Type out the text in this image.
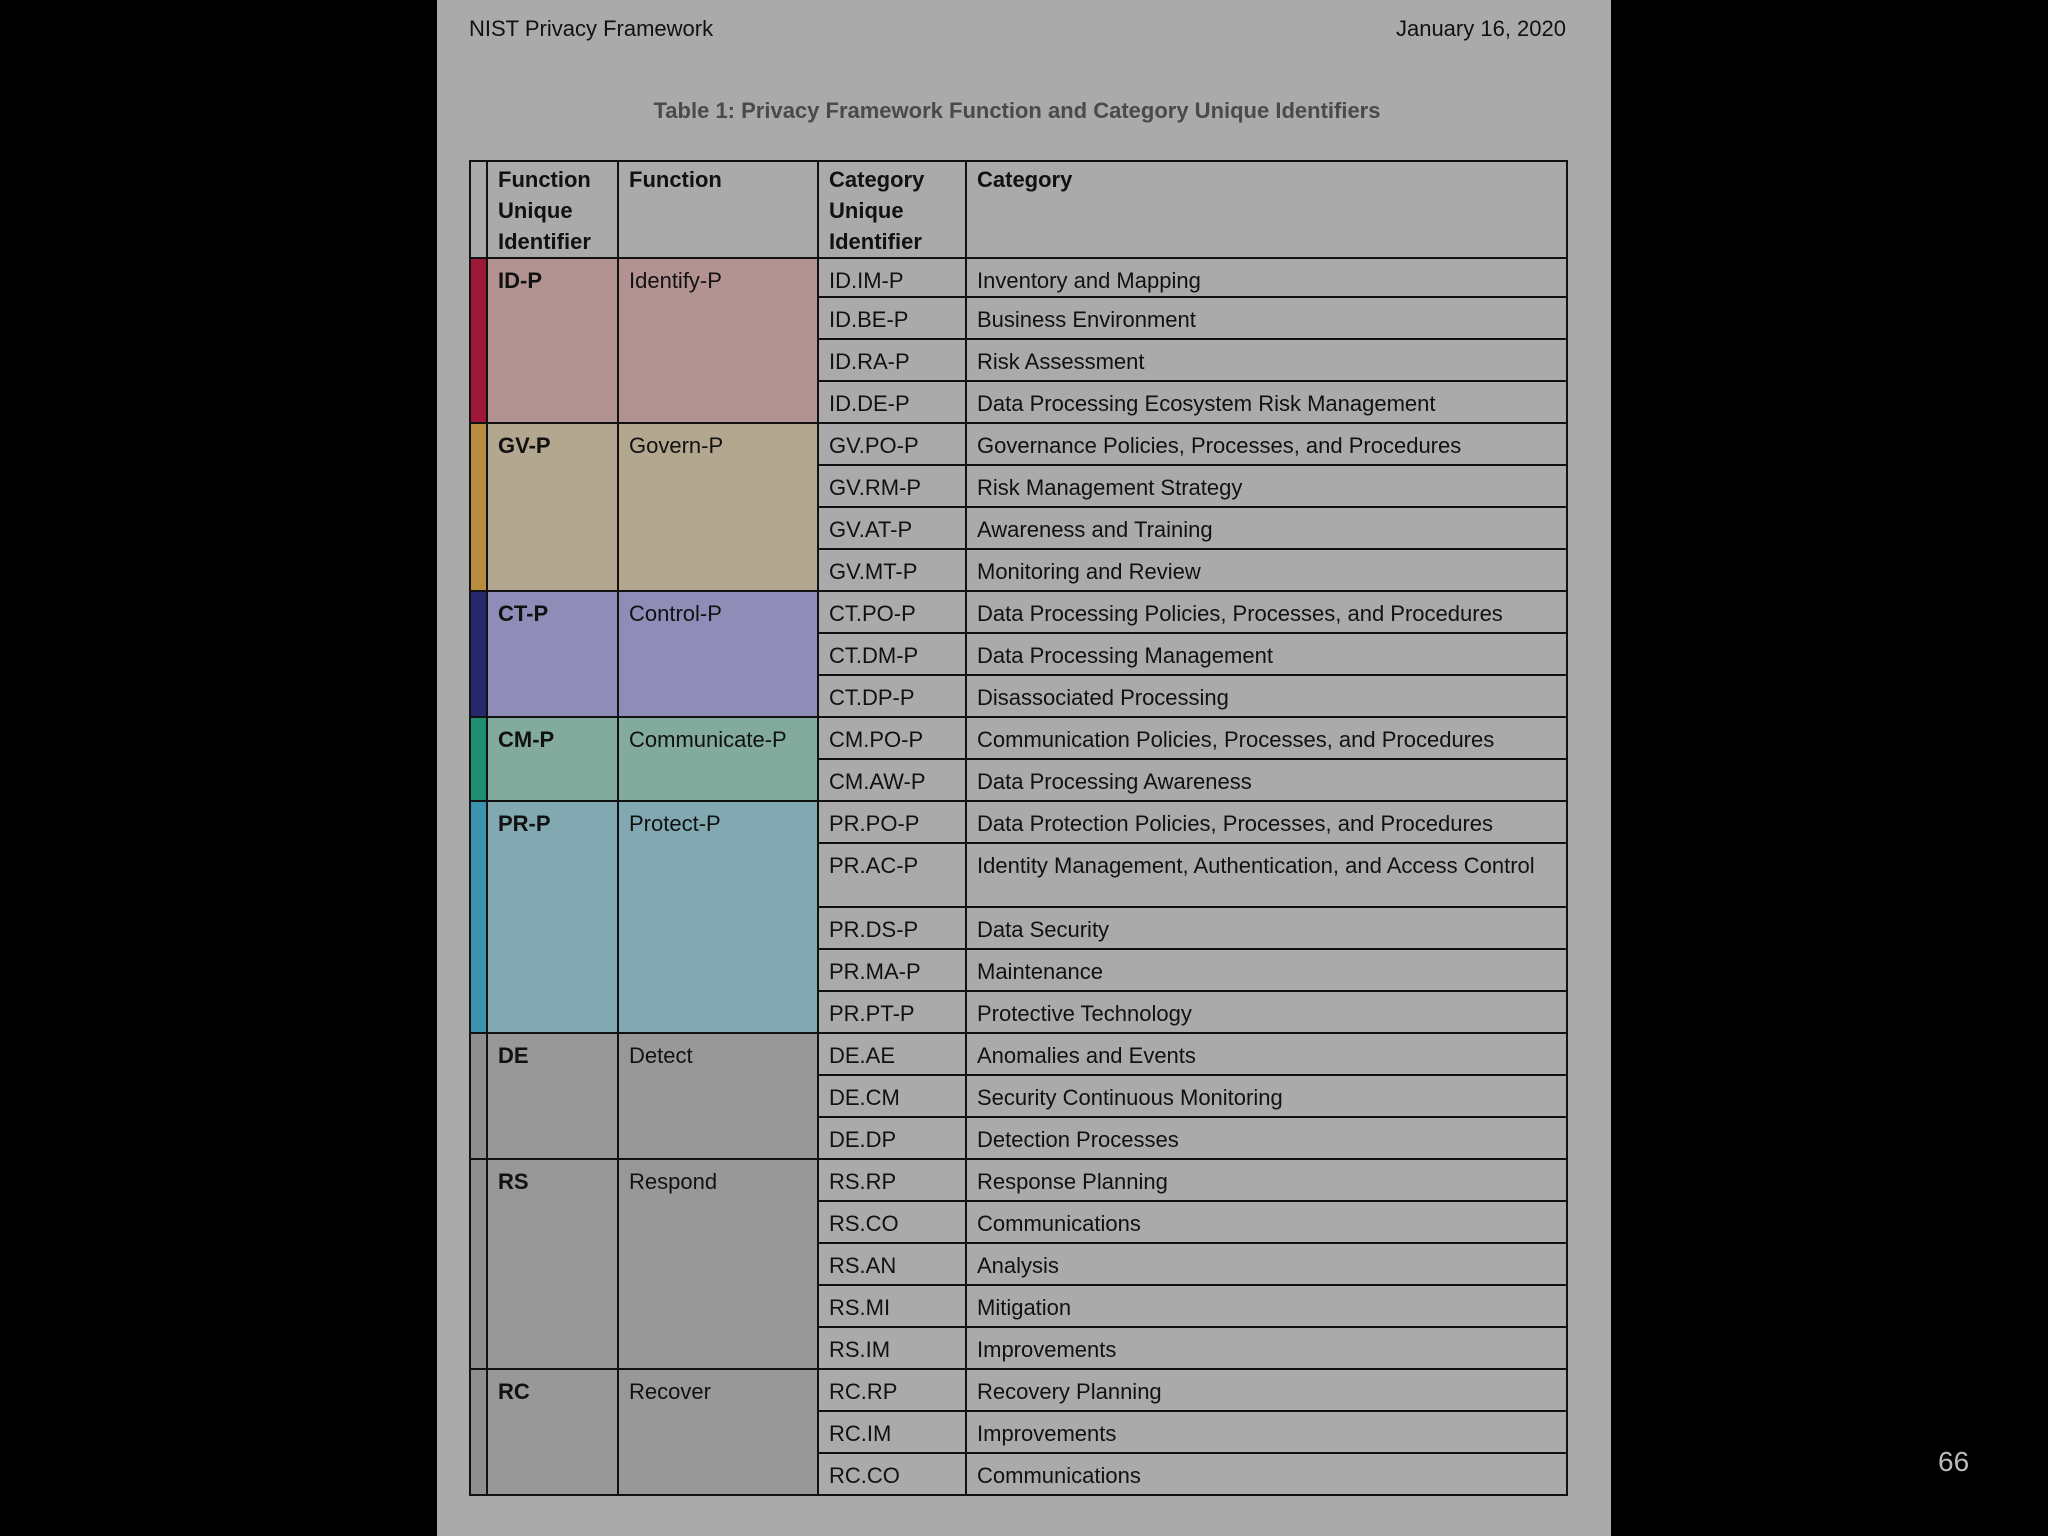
NIST Privacy Framework	January 16, 2020
Table 1: Privacy Framework Function and Category Unique Identifiers
	Function Unique Identifier	Function	Category Unique Identifier	Category
	ID-P	Identify-P	ID.IM-P	Inventory and Mapping
			ID.BE-P	Business Environment
			ID.RA-P	Risk Assessment
			ID.DE-P	Data Processing Ecosystem Risk Management
	GV-P	Govern-P	GV.PO-P	Governance Policies, Processes, and Procedures
			GV.RM-P	Risk Management Strategy
			GV.AT-P	Awareness and Training
			GV.MT-P	Monitoring and Review
	CT-P	Control-P	CT.PO-P	Data Processing Policies, Processes, and Procedures
			CT.DM-P	Data Processing Management
			CT.DP-P	Disassociated Processing
	CM-P	Communicate-P	CM.PO-P	Communication Policies, Processes, and Procedures
			CM.AW-P	Data Processing Awareness
	PR-P	Protect-P	PR.PO-P	Data Protection Policies, Processes, and Procedures
			PR.AC-P	Identity Management, Authentication, and Access Control
			PR.DS-P	Data Security
			PR.MA-P	Maintenance
			PR.PT-P	Protective Technology
	DE	Detect	DE.AE	Anomalies and Events
			DE.CM	Security Continuous Monitoring
			DE.DP	Detection Processes
	RS	Respond	RS.RP	Response Planning
			RS.CO	Communications
			RS.AN	Analysis
			RS.MI	Mitigation
			RS.IM	Improvements
	RC	Recover	RC.RP	Recovery Planning
			RC.IM	Improvements
			RC.CO	Communications	66
